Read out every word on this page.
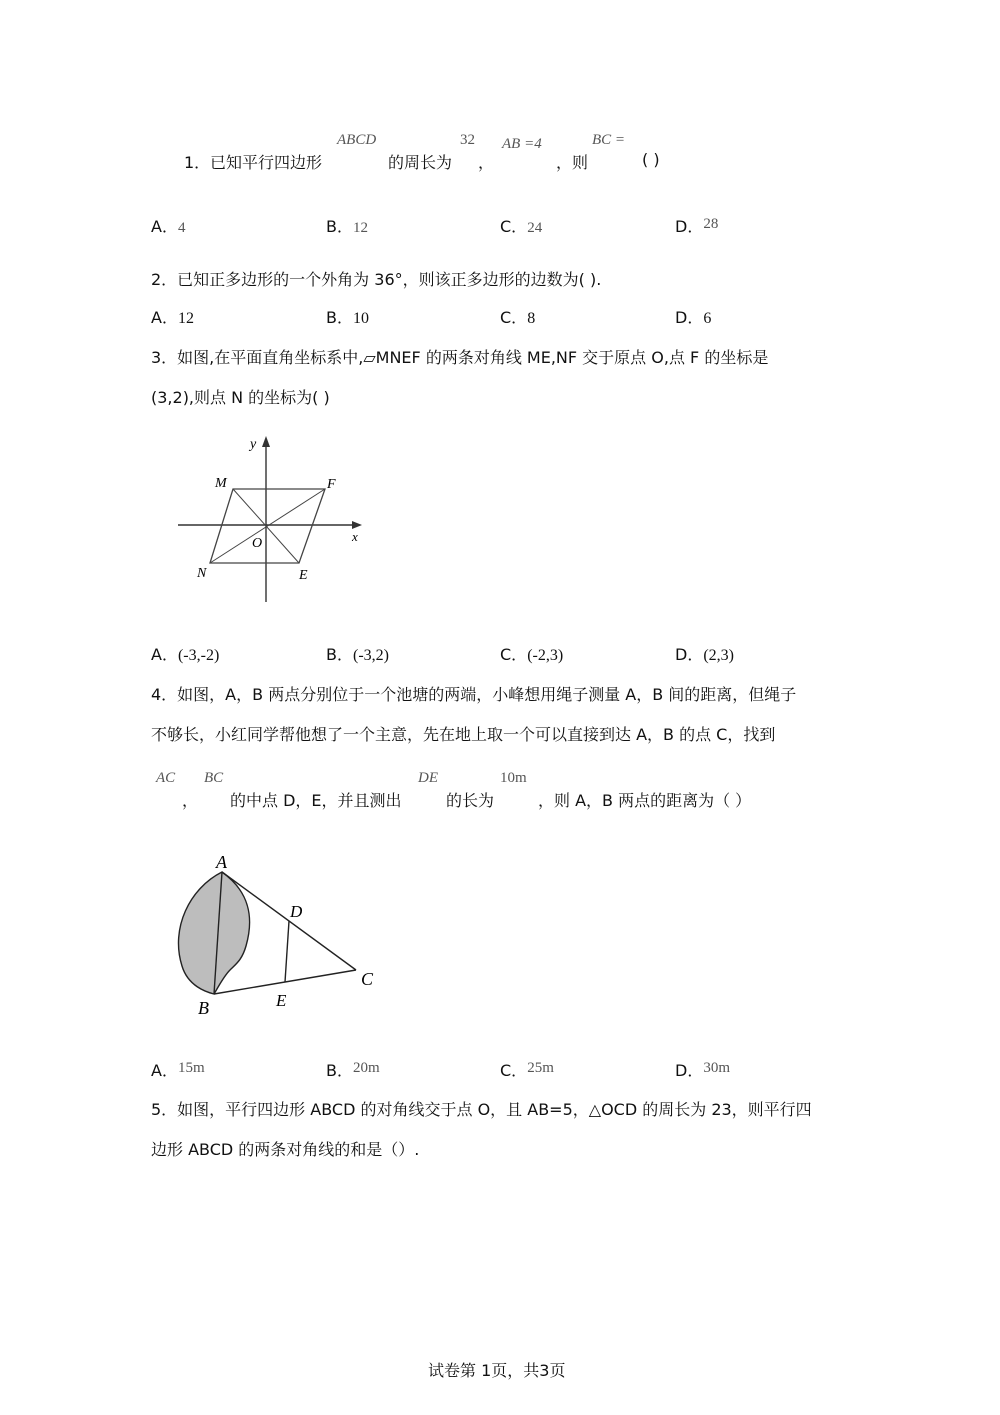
1． 已知平行四边形
ABCD
的周长为
32
，
AB =4
，则
BC =
( )
A．4	B．12	C．24	D．28
2．已知正多边形的一个外角为 36°，则该正多边形的边数为( ).
A．12	B．10	C．8	D．6
3．如图,在平面直角坐标系中,▱MNEF 的两条对角线 ME,NF 交于原点 O,点 F 的坐标是
(3,2),则点 N 的坐标为( )
y
M	F
O	x
N	E
A．(-3,-2)	B．(-3,2)	C．(-2,3)	D．(2,3)
4．如图，A，B 两点分别位于一个池塘的两端，小峰想用绳子测量 A，B 间的距离，但绳子
不够长，小红同学帮他想了一个主意，先在地上取一个可以直接到达 A，B 的点 C，找到
AC
，
BC
的中点 D，E，并且测出
DE
的长为
10m
，则 A，B 两点的距离为（ ）
A
D
C
E
B
A．15m	B．20m	C．25m	D．30m
5．如图，平行四边形 ABCD 的对角线交于点 O，且 AB=5，△OCD 的周长为 23，则平行四
边形 ABCD 的两条对角线的和是（）.
试卷第 1页，共3页
